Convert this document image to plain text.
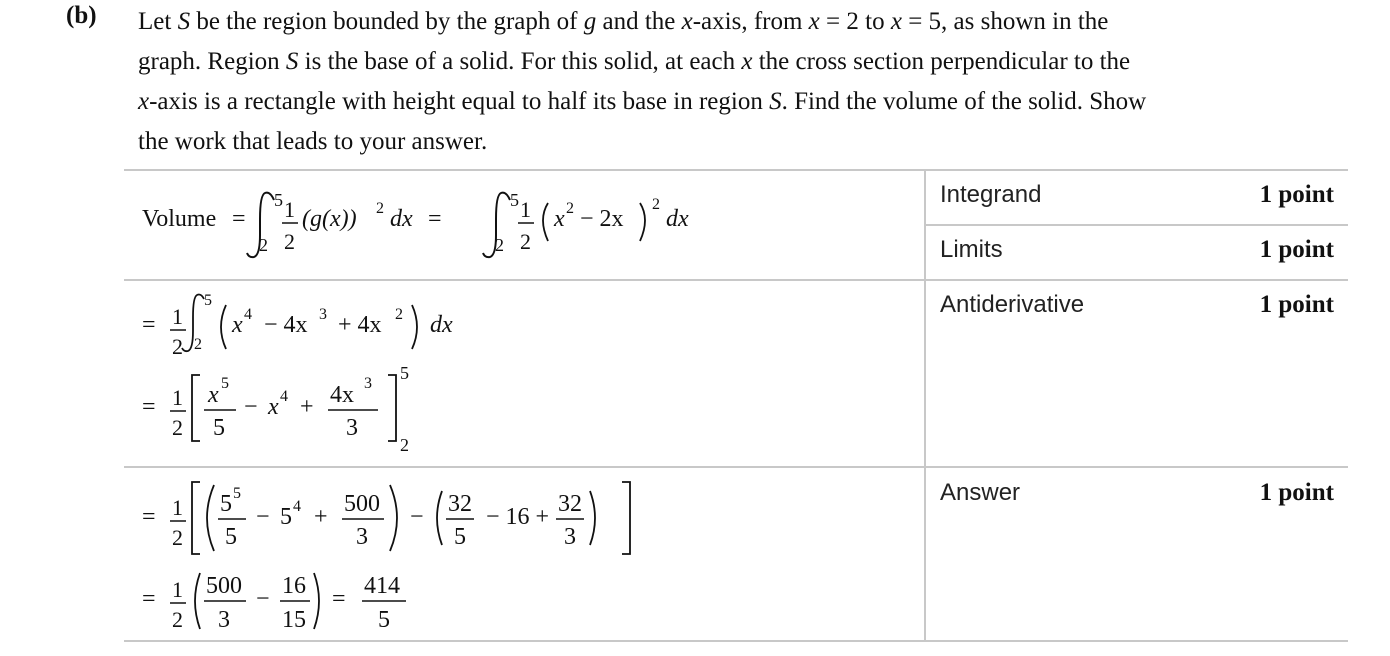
(b) Let S be the region bounded by the graph of g and the x-axis, from x = 2 to x = 5, as shown in the

graph. Region S is the base of a solid. For this solid, at each x the cross section perpendicular to the

x-axis is a rectangle with height equal to half its base in region S. Find the volume of the solid. Show

the work that leads to your answer.

Integrand	1 point
Limits	1 point
Antiderivative	1 point
Answer	1 point
Volume =
5
2
1
2
(g(x)) 2 dx =
5
2
1
2
x 2 − 2x
2
dx
= 1
2
5
2
x 4 − 4x 3 + 4x 2 dx
= 1
2
x 5
5
− x 4 + 4x 3
3
5
2
= 1
2
5 5
5
− 5 4 + 500
3
− 32
5
− 16 + 32
3
= 1
2
500
3
− 16
15
= 414
5
